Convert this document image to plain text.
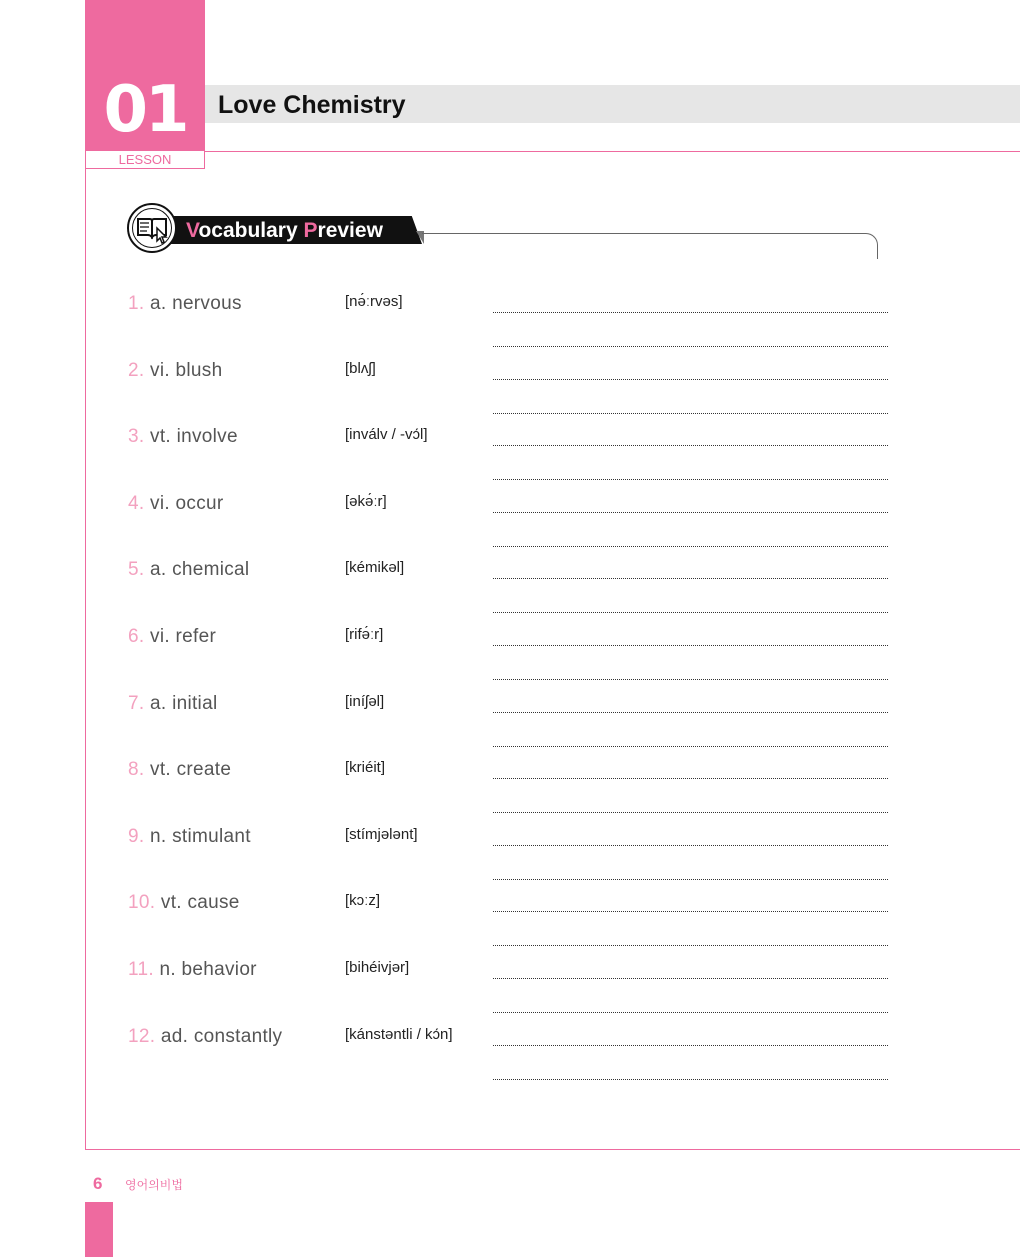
01
LESSON
Love Chemistry
Vocabulary Preview
1. a. nervous	[nə́ːrvəs]
2. vi. blush	[blʌʃ]
3. vt. involve	[inválv / -vɔ́l]
4. vi. occur	[əkə́ːr]
5. a. chemical	[kémikəl]
6. vi. refer	[rifə́ːr]
7. a. initial	[iníʃəl]
8. vt. create	[kriéit]
9. n. stimulant	[stímjələnt]
10. vt. cause	[kɔːz]
11. n. behavior	[bihéivjər]
12. ad. constantly	[kánstəntli / kɔ́n]
6 영어의비법
